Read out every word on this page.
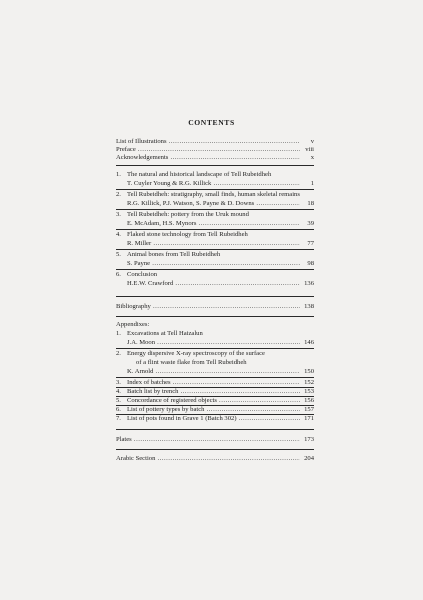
CONTENTS
List of Illustrations .....	v
Preface .....	viii
Acknowledgements .....	x
1. The natural and historical landscape of Tell Rubeidheh
T. Cuyler Young & R.G. Killick .....	1
2. Tell Rubeidheh: stratigraphy, small finds, human skeletal remains
R.G. Killick, P.J. Watson, S. Payne & D. Downs .....	18
3. Tell Rubeidheh: pottery from the Uruk mound
E. McAdam, H.S. Mynors .....	39
4. Flaked stone technology from Tell Rubeidheh
R. Miller .....	77
5. Animal bones from Tell Rubeidheh
S. Payne .....	98
6. Conclusion
H.E.W. Crawford .....	136
Bibliography .....	138
Appendixes:
1. Excavations at Tell Haizalun
J.A. Moon .....	146
2. Energy dispersive X-ray spectroscopy of the surface
of a flint waste flake from Tell Rubeidheh
K. Arnold .....	150
3. Index of batches .....	152
4. Batch list by trench .....	153
5. Concordance of registered objects .....	156
6. List of pottery types by batch .....	157
7. List of pots found in Grave 1 (Batch 302) .....	171
Plates .....	173
Arabic Section .....	204
